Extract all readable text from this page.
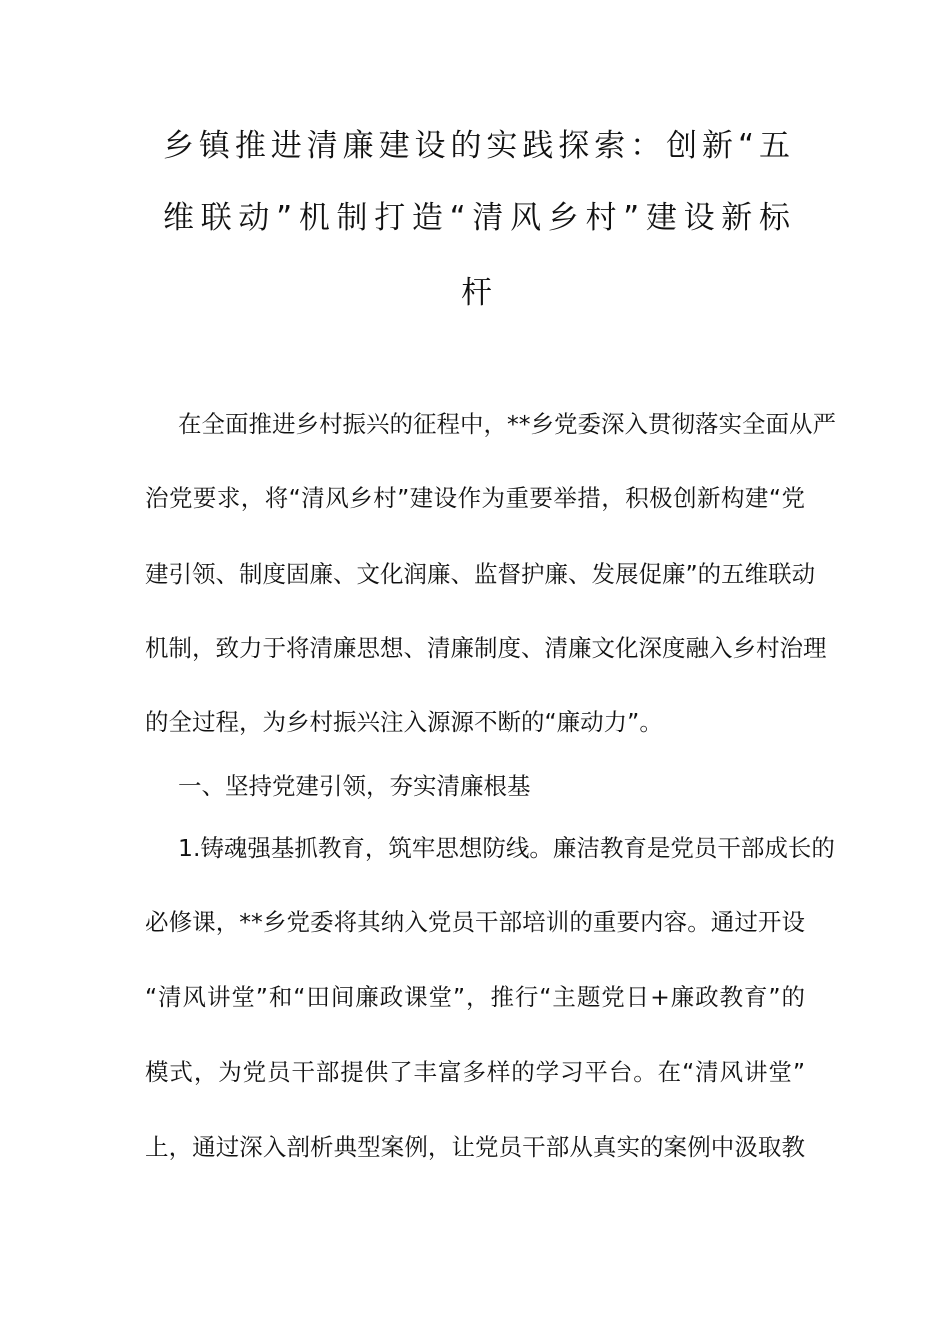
乡镇推进清廉建设的实践探索：创新“五
维联动”机制打造“清风乡村”建设新标
杆
在全面推进乡村振兴的征程中，**乡党委深入贯彻落实全面从严
治党要求，将“清风乡村”建设作为重要举措，积极创新构建“党
建引领、制度固廉、文化润廉、监督护廉、发展促廉”的五维联动
机制，致力于将清廉思想、清廉制度、清廉文化深度融入乡村治理
的全过程，为乡村振兴注入源源不断的“廉动力”。
一、坚持党建引领，夯实清廉根基
1.铸魂强基抓教育，筑牢思想防线。廉洁教育是党员干部成长的
必修课，**乡党委将其纳入党员干部培训的重要内容。通过开设
“清风讲堂”和“田间廉政课堂”，推行“主题党日+廉政教育”的
模式，为党员干部提供了丰富多样的学习平台。在“清风讲堂”
上，通过深入剖析典型案例，让党员干部从真实的案例中汲取教
